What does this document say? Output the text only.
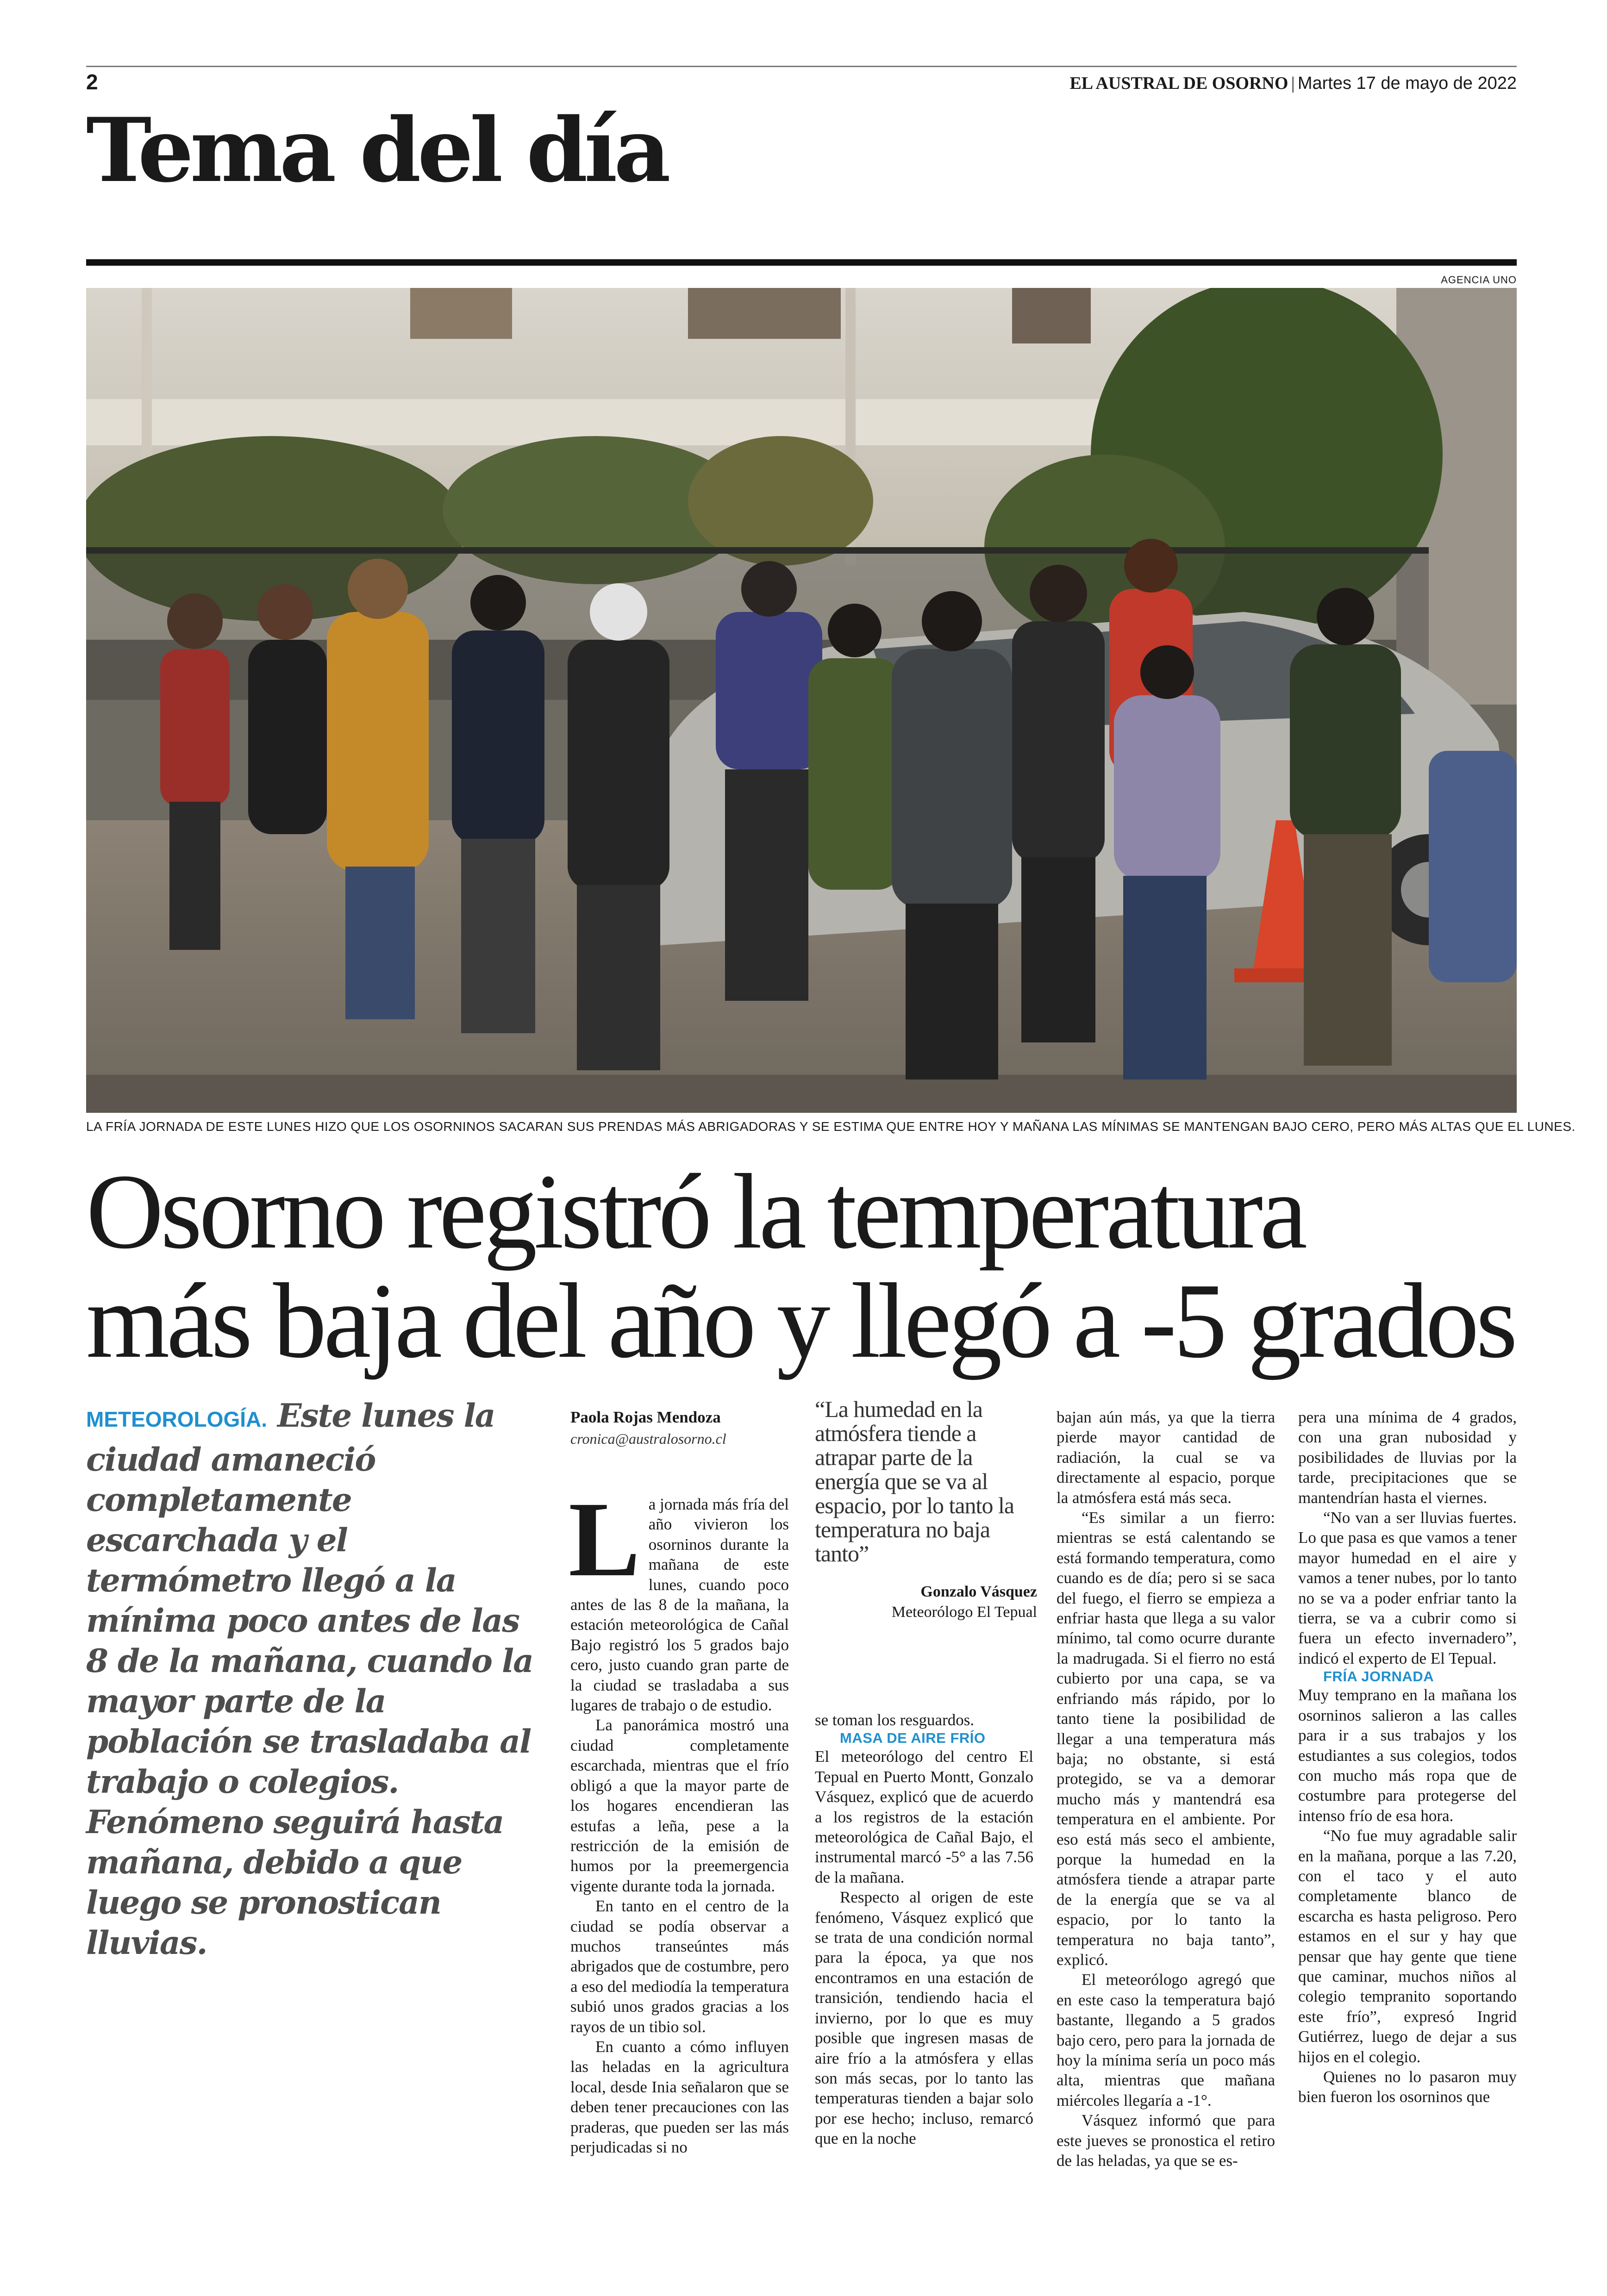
2	EL AUSTRAL DE OSORNO | Martes 17 de mayo de 2022
Tema del día
AGENCIA UNO
LA FRÍA JORNADA DE ESTE LUNES HIZO QUE LOS OSORNINOS SACARAN SUS PRENDAS MÁS ABRIGADORAS Y SE ESTIMA QUE ENTRE HOY Y MAÑANA LAS MÍNIMAS SE MANTENGAN BAJO CERO, PERO MÁS ALTAS QUE EL LUNES.
Osorno registró la temperatura
más baja del año y llegó a -5 grados
METEOROLOGÍA. Este lunes la ciudad amaneció completamente escarchada y el termómetro llegó a la mínima poco antes de las 8 de la mañana, cuando la mayor parte de la población se trasladaba al trabajo o colegios. Fenómeno seguirá hasta mañana, debido a que luego se pronostican lluvias.
Paola Rojas Mendoza
cronica@australosorno.cl
L a jornada más fría del año vivieron los osorninos durante la mañana de este lunes, cuando poco antes de las 8 de la mañana, la estación meteorológica de Cañal Bajo registró los 5 grados bajo cero, justo cuando gran parte de la ciudad se trasladaba a sus lugares de trabajo o de estudio.

La panorámica mostró una ciudad completamente escarchada, mientras que el frío obligó a que la mayor parte de los hogares encendieran las estufas a leña, pese a la restricción de la emisión de humos por la preemergencia vigente durante toda la jornada.

En tanto en el centro de la ciudad se podía observar a muchos transeúntes más abrigados que de costumbre, pero a eso del mediodía la temperatura subió unos grados gracias a los rayos de un tibio sol.

En cuanto a cómo influyen las heladas en la agricultura local, desde Inia señalaron que se deben tener precauciones con las praderas, que pueden ser las más perjudicadas si no

“La humedad en la atmósfera tiende a atrapar parte de la energía que se va al espacio, por lo tanto la temperatura no baja tanto”
Gonzalo Vásquez
Meteorólogo El Tepual

se toman los resguardos.

MASA DE AIRE FRÍO

El meteorólogo del centro El Tepual en Puerto Montt, Gonzalo Vásquez, explicó que de acuerdo a los registros de la estación meteorológica de Cañal Bajo, el instrumental marcó -5° a las 7.56 de la mañana.

Respecto al origen de este fenómeno, Vásquez explicó que se trata de una condición normal para la época, ya que nos encontramos en una estación de transición, tendiendo hacia el invierno, por lo que es muy posible que ingresen masas de aire frío a la atmósfera y ellas son más secas, por lo tanto las temperaturas tienden a bajar solo por ese hecho; incluso, remarcó que en la noche

bajan aún más, ya que la tierra pierde mayor cantidad de radiación, la cual se va directamente al espacio, porque la atmósfera está más seca.

“Es similar a un fierro: mientras se está calentando se está formando temperatura, como cuando es de día; pero si se saca del fuego, el fierro se empieza a enfriar hasta que llega a su valor mínimo, tal como ocurre durante la madrugada. Si el fierro no está cubierto por una capa, se va enfriando más rápido, por lo tanto tiene la posibilidad de llegar a una temperatura más baja; no obstante, si está protegido, se va a demorar mucho más y mantendrá esa temperatura en el ambiente. Por eso está más seco el ambiente, porque la humedad en la atmósfera tiende a atrapar parte de la energía que se va al espacio, por lo tanto la temperatura no baja tanto”, explicó.

El meteorólogo agregó que en este caso la temperatura bajó bastante, llegando a 5 grados bajo cero, pero para la jornada de hoy la mínima sería un poco más alta, mientras que mañana miércoles llegaría a -1°.

Vásquez informó que para este jueves se pronostica el retiro de las heladas, ya que se es-

pera una mínima de 4 grados, con una gran nubosidad y posibilidades de lluvias por la tarde, precipitaciones que se mantendrían hasta el viernes.

“No van a ser lluvias fuertes. Lo que pasa es que vamos a tener mayor humedad en el aire y vamos a tener nubes, por lo tanto no se va a poder enfriar tanto la tierra, se va a cubrir como si fuera un efecto invernadero”, indicó el experto de El Tepual.

FRÍA JORNADA

Muy temprano en la mañana los osorninos salieron a las calles para ir a sus trabajos y los estudiantes a sus colegios, todos con mucho más ropa que de costumbre para protegerse del intenso frío de esa hora.

“No fue muy agradable salir en la mañana, porque a las 7.20, con el taco y el auto completamente blanco de escarcha es hasta peligroso. Pero estamos en el sur y hay que pensar que hay gente que tiene que caminar, muchos niños al colegio tempranito soportando este frío”, expresó Ingrid Gutiérrez, luego de dejar a sus hijos en el colegio.

Quienes no lo pasaron muy bien fueron los osorninos que
